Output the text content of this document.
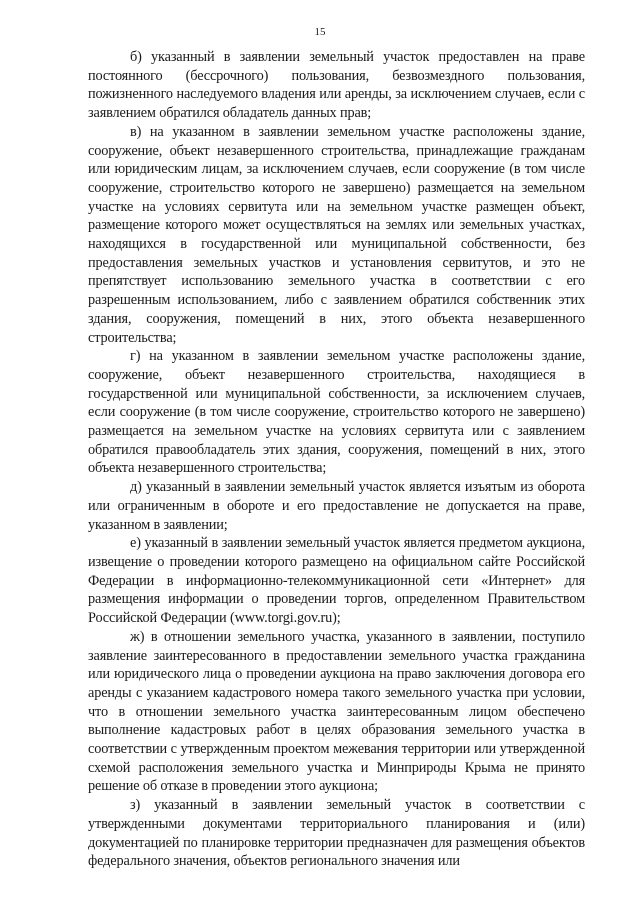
15

б) указанный в заявлении земельный участок предоставлен на праве постоянного (бессрочного) пользования, безвозмездного пользования, пожизненного наследуемого владения или аренды, за исключением случаев, если с заявлением обратился обладатель данных прав;

в) на указанном в заявлении земельном участке расположены здание, сооружение, объект незавершенного строительства, принадлежащие гражданам или юридическим лицам, за исключением случаев, если сооружение (в том числе сооружение, строительство которого не завершено) размещается на земельном участке на условиях сервитута или на земельном участке размещен объект, размещение которого может осуществляться на землях или земельных участках, находящихся в государственной или муниципальной собственности, без предоставления земельных участков и установления сервитутов, и это не препятствует использованию земельного участка в соответствии с его разрешенным использованием, либо с заявлением обратился собственник этих здания, сооружения, помещений в них, этого объекта незавершенного строительства;

г) на указанном в заявлении земельном участке расположены здание, сооружение, объект незавершенного строительства, находящиеся в государственной или муниципальной собственности, за исключением случаев, если сооружение (в том числе сооружение, строительство которого не завершено) размещается на земельном участке на условиях сервитута или с заявлением обратился правообладатель этих здания, сооружения, помещений в них, этого объекта незавершенного строительства;

д) указанный в заявлении земельный участок является изъятым из оборота или ограниченным в обороте и его предоставление не допускается на праве, указанном в заявлении;

е) указанный в заявлении земельный участок является предметом аукциона, извещение о проведении которого размещено на официальном сайте Российской Федерации в информационно-телекоммуникационной сети «Интернет» для размещения информации о проведении торгов, определенном Правительством Российской Федерации (www.torgi.gov.ru);

ж) в отношении земельного участка, указанного в заявлении, поступило заявление заинтересованного в предоставлении земельного участка гражданина или юридического лица о проведении аукциона на право заключения договора его аренды с указанием кадастрового номера такого земельного участка при условии, что в отношении земельного участка заинтересованным лицом обеспечено выполнение кадастровых работ в целях образования земельного участка в соответствии с утвержденным проектом межевания территории или утвержденной схемой расположения земельного участка и Минприроды Крыма не принято решение об отказе в проведении этого аукциона;

з) указанный в заявлении земельный участок в соответствии с утвержденными документами территориального планирования и (или) документацией по планировке территории предназначен для размещения объектов федерального значения, объектов регионального значения или
